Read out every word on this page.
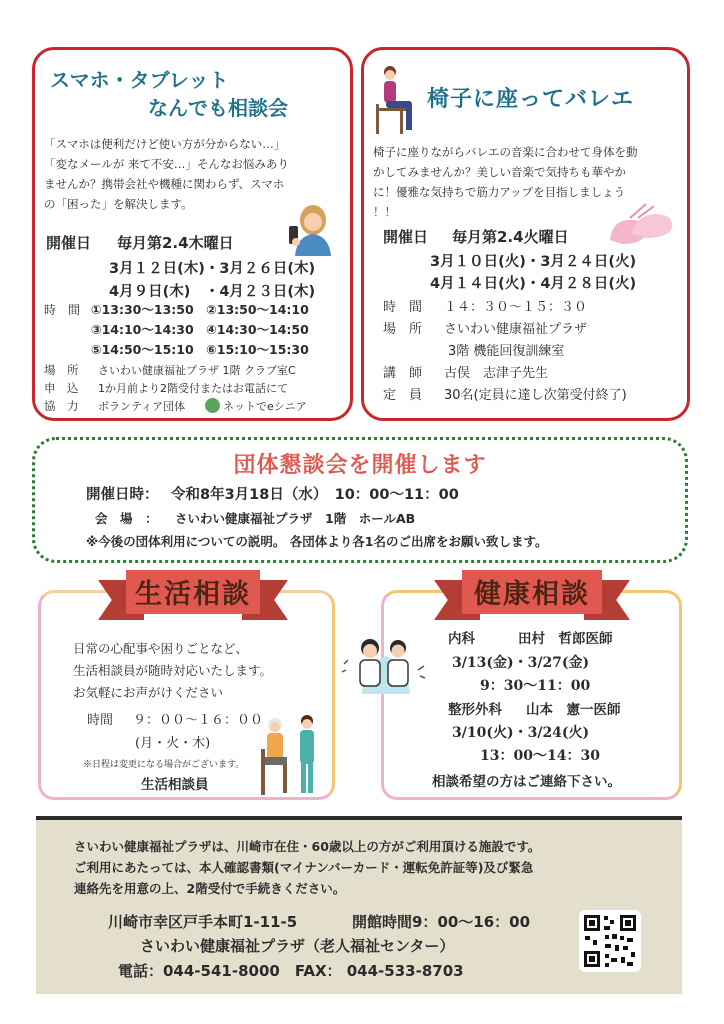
スマホ・タブレット
なんでも相談会
「スマホは便利だけど使い方が分からない…」
「変なメールが 来て不安…」そんなお悩みあり
ませんか？携帯会社や機種に関わらず、スマホ
の「困った」を解決します。
開催日 毎月第2.4木曜日
3月１２日(木)・3月２６日(木)
4月９日(木)　・4月２３日(木)
時　間 ①13:30〜13:50　②13:50〜14:10
③14:10〜14:30　④14:30〜14:50
⑤14:50〜15:10　⑥15:10〜15:30
場　所 さいわい健康福祉プラザ 1階 クラブ室C
申　込 1か月前より2階受付またはお電話にて
協　力 ボランティア団体	ネットでeシニア
椅子に座ってバレエ
椅子に座りながらバレエの音楽に合わせて身体を動
かしてみませんか？美しい音楽で気持ちも華やか
に！優雅な気持ちで筋力アップを目指しましょう
！！
開催日 毎月第2.4火曜日
3月１０日(火)・3月２４日(火)
4月１４日(火)・4月２８日(火)
時　間 １４：３０〜１５：３０
場　所 さいわい健康福祉プラザ
3階 機能回復訓練室
講　師 古俣　志津子先生
定　員 30名(定員に達し次第受付終了)
団体懇談会を開催します
開催日時： 令和8年3月18日（水）　10：00〜11：00
会　場　： さいわい健康福祉プラザ　1階　ホールAB
※今後の団体利用についての説明。 各団体より各1名のご出席をお願い致します。
日常の心配事や困りごとなど、
生活相談員が随時対応いたします。
お気軽にお声がけください
時間 ９：００〜１６：００
(月・火・木)
※日程は変更になる場合がございます。
生活相談員
生活相談
内科	田村　哲郎医師
3/13(金)・3/27(金)
9：30〜11：00
整形外科 山本　憲一医師
3/10(火)・3/24(火)
13：00〜14：30
相談希望の方はご連絡下さい。
健康相談
さいわい健康福祉プラザは、川崎市在住・60歳以上の方がご利用頂ける施設です。
ご利用にあたっては、本人確認書類(マイナンバーカード・運転免許証等)及び緊急
連絡先を用意の上、2階受付で手続きください。
川崎市幸区戸手本町1-11-5	開館時間9：00〜16：00
さいわい健康福祉プラザ（老人福祉センター）
電話：044-541-8000　FAX： 044-533-8703
